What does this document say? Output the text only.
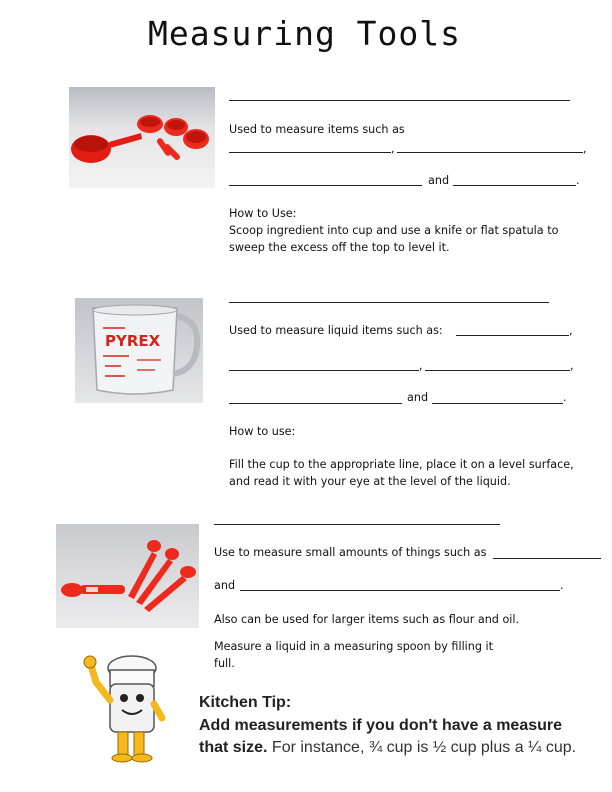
Measuring Tools
Used to measure items such as
,	,
and	.
How to Use:
Scoop ingredient into cup and use a knife or flat spatula to
sweep the excess off the top to level it.
PYREX
Used to measure liquid items such as:	,
,	,
and	.
How to use:
Fill the cup to the appropriate line, place it on a level surface,
and read it with your eye at the level of the liquid.
Use to measure small amounts of things such as
and	.
Also can be used for larger items such as flour and oil.
Measure a liquid in a measuring spoon by filling it
full.
Kitchen Tip:
Add measurements if you don't have a measure that size. For instance, ¾ cup is ½ cup plus a ¼ cup.
